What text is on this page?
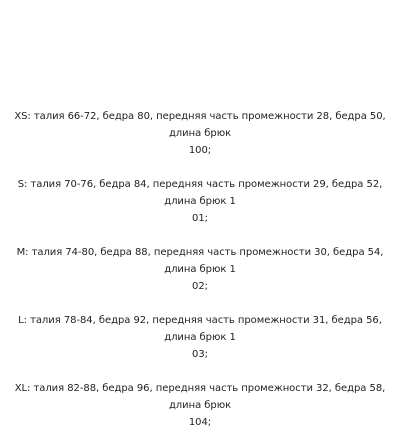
XS: талия 66-72, бедра 80, передняя часть промежности 28, бедра 50, длина брюк
100;
S: талия 70-76, бедра 84, передняя часть промежности 29, бедра 52, длина брюк 1
01;
M: талия 74-80, бедра 88, передняя часть промежности 30, бедра 54, длина брюк 1
02;
L: талия 78-84, бедра 92, передняя часть промежности 31, бедра 56, длина брюк 1
03;
XL: талия 82-88, бедра 96, передняя часть промежности 32, бедра 58, длина брюк
104;
